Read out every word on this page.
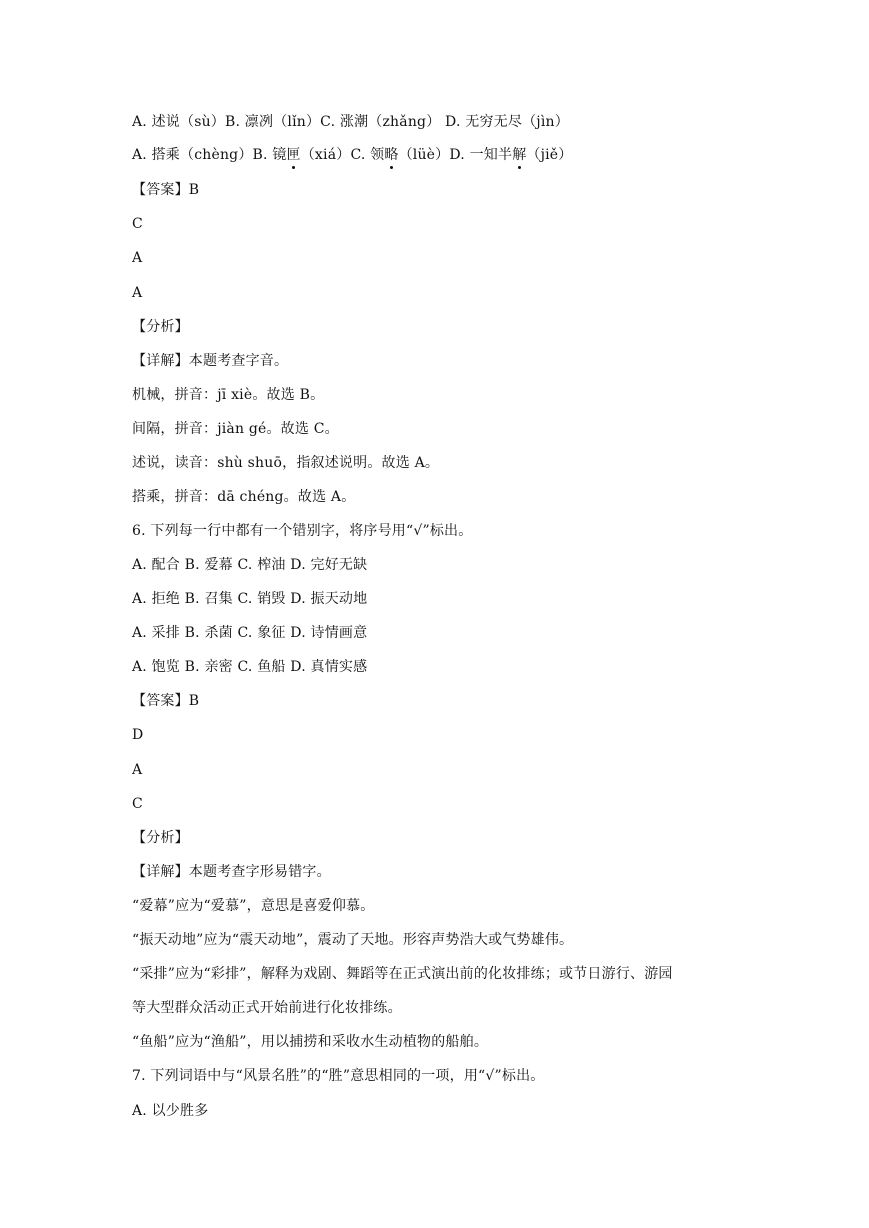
A. 述说（sù）B. 凛冽（lǐn）C. 涨潮（zhǎng） D. 无穷无尽（jìn）
A. 搭乘（chèng）B. 镜匣（xiá）C. 领略（lüè）D. 一知半解（jiě）
【答案】B
C
A
A
【分析】
【详解】本题考查字音。
机械，拼音：jī xiè。故选 B。
间隔，拼音：jiàn gé。故选 C。
述说，读音：shù shuō，指叙述说明。故选 A。
搭乘，拼音：dā chéng。故选 A。
6. 下列每一行中都有一个错别字，将序号用“√”标出。
A. 配合 B. 爱幕 C. 榨油 D. 完好无缺
A. 拒绝 B. 召集 C. 销毁 D. 振天动地
A. 采排 B. 杀菌 C. 象征 D. 诗情画意
A. 饱览 B. 亲密 C. 鱼船 D. 真情实感
【答案】B
D
A
C
【分析】
【详解】本题考查字形易错字。
“爱幕”应为“爱慕”，意思是喜爱仰慕。
“振天动地”应为“震天动地”，震动了天地。形容声势浩大或气势雄伟。
“采排”应为“彩排”，解释为戏剧、舞蹈等在正式演出前的化妆排练；或节日游行、游园
等大型群众活动正式开始前进行化妆排练。
“鱼船”应为“渔船”，用以捕捞和采收水生动植物的船舶。
7. 下列词语中与“风景名胜”的“胜”意思相同的一项，用“√”标出。
A. 以少胜多
